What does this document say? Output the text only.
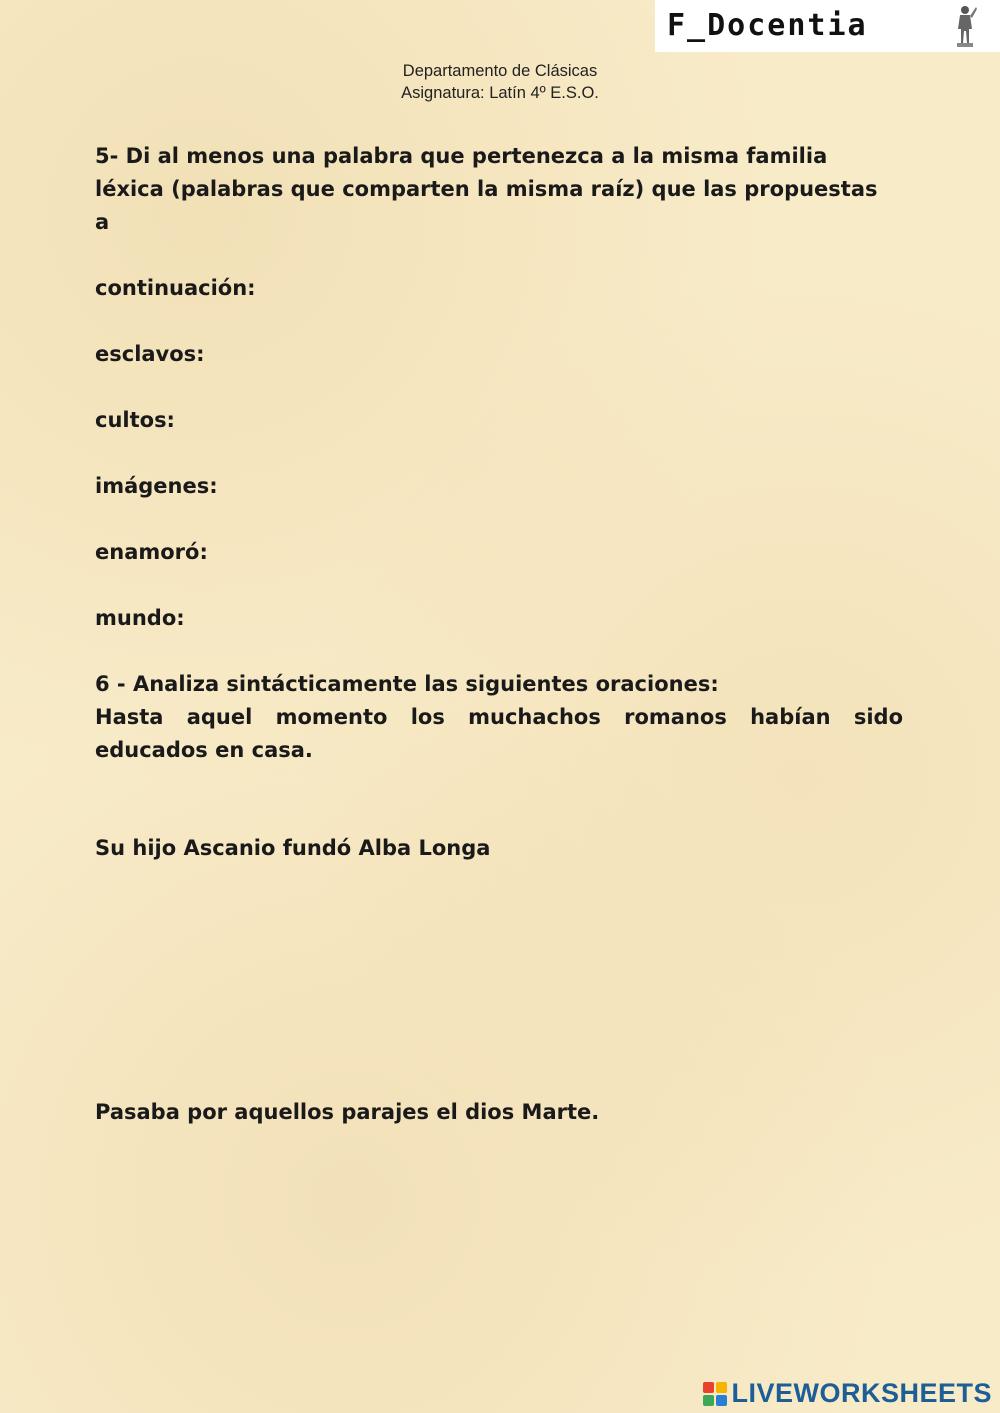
F_Docentia
Departamento de Clásicas
Asignatura: Latín 4º E.S.O.
5- Di al menos una palabra que pertenezca a la misma familia
léxica (palabras que comparten la misma raíz) que las propuestas
a
continuación:
esclavos:
cultos:
imágenes:
enamoró:
mundo:
6 - Analiza sintácticamente las siguientes oraciones:
Hasta aquel momento los muchachos romanos habían sido educados en casa.
Su hijo Ascanio fundó Alba Longa
Pasaba por aquellos parajes el dios Marte.
LIVEWORKSHEETS
